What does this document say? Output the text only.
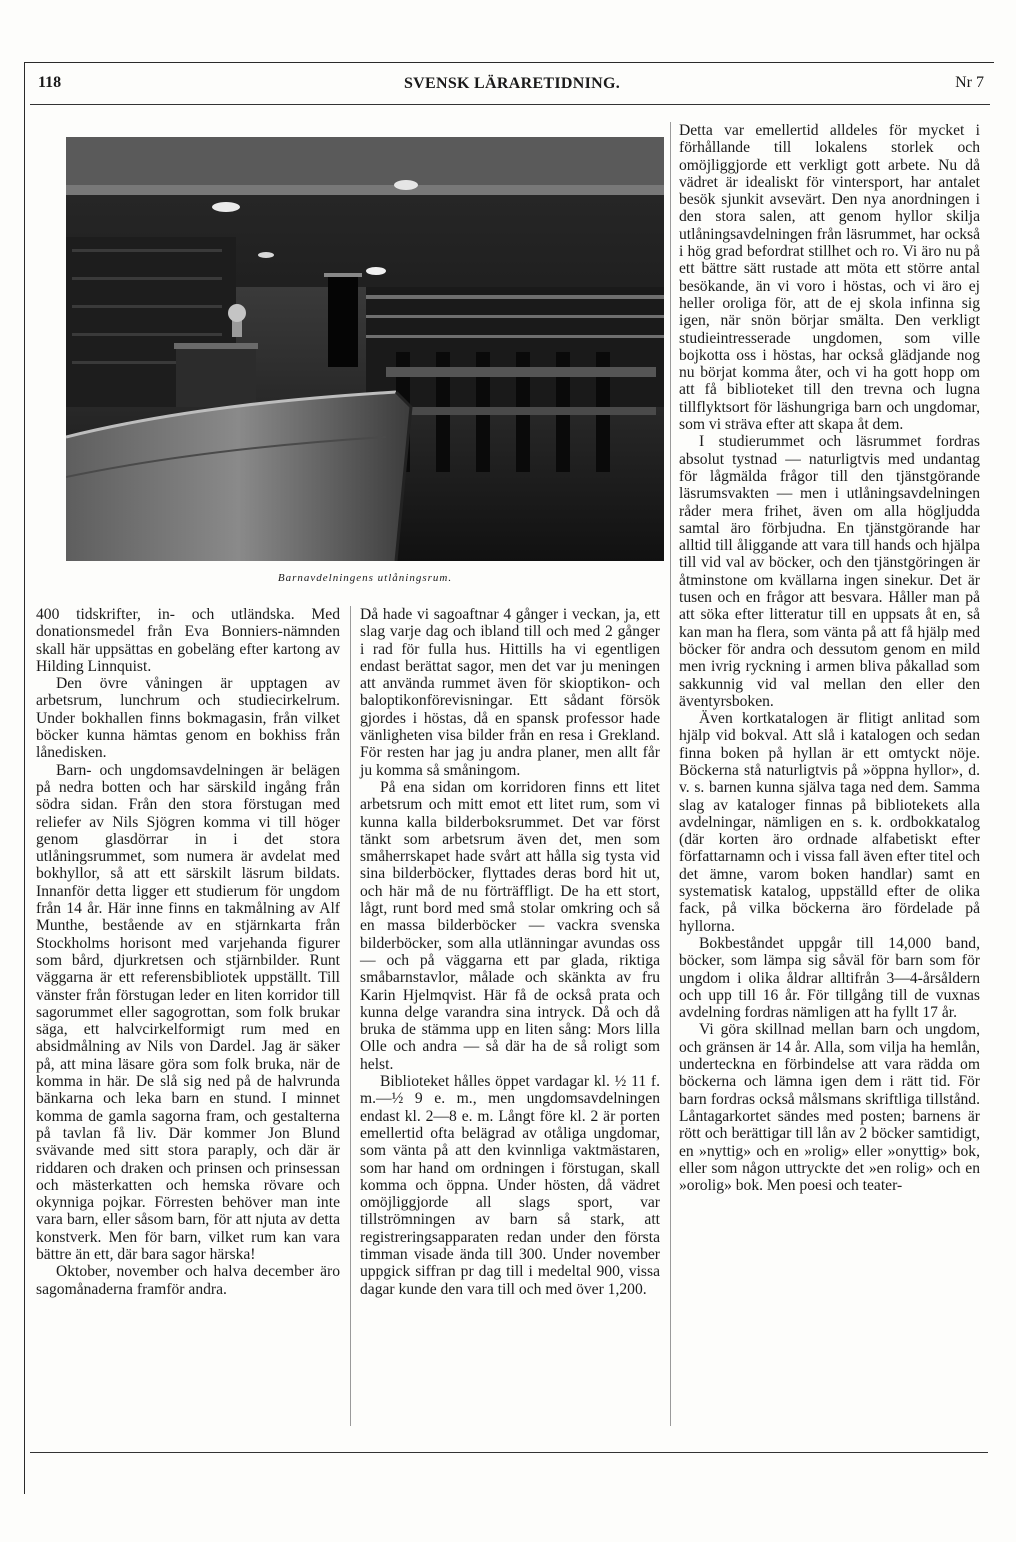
118	SVENSK LÄRARETIDNING.	Nr 7
Barnavdelningens utlåningsrum.

400 tidskrifter, in- och utländska. Med donationsmedel från Eva Bonniers-nämnden skall här uppsättas en gobeläng efter kartong av Hilding Linnquist.

Den övre våningen är upptagen av arbetsrum, lunchrum och studiecirkelrum. Under bokhallen finns bokmagasin, från vilket böcker kunna hämtas genom en bokhiss från lånedisken.

Barn- och ungdomsavdelningen är belägen på nedra botten och har särskild ingång från södra sidan. Från den stora förstugan med reliefer av Nils Sjögren komma vi till höger genom glasdörrar in i det stora utlåningsrummet, som numera är avdelat med bokhyllor, så att ett särskilt läsrum bildats. Innanför detta ligger ett studierum för ungdom från 14 år. Här inne finns en takmålning av Alf Munthe, bestående av en stjärnkarta från Stockholms horisont med varjehanda figurer som bård, djurkretsen och stjärnbilder. Runt väggarna är ett referensbibliotek uppställt. Till vänster från förstugan leder en liten korridor till sagorummet eller sagogrottan, som folk brukar säga, ett halvcirkelformigt rum med en absidmålning av Nils von Dardel. Jag är säker på, att mina läsare göra som folk bruka, när de komma in här. De slå sig ned på de halvrunda bänkarna och leka barn en stund. I minnet komma de gamla sagorna fram, och gestalterna på tavlan få liv. Där kommer Jon Blund svävande med sitt stora paraply, och där är riddaren och draken och prinsen och prinsessan och mästerkatten och hemska rövare och okynniga pojkar. Förresten behöver man inte vara barn, eller såsom barn, för att njuta av detta konstverk. Men för barn, vilket rum kan vara bättre än ett, där bara sagor härska!

Oktober, november och halva december äro sagomånaderna framför andra.

Då hade vi sagoaftnar 4 gånger i veckan, ja, ett slag varje dag och ibland till och med 2 gånger i rad för fulla hus. Hittills ha vi egentligen endast berättat sagor, men det var ju meningen att använda rummet även för skioptikon- och baloptikonförevisningar. Ett sådant försök gjordes i höstas, då en spansk professor hade vänligheten visa bilder från en resa i Grekland. För resten har jag ju andra planer, men allt får ju komma så småningom.

På ena sidan om korridoren finns ett litet arbetsrum och mitt emot ett litet rum, som vi kunna kalla bilderboksrummet. Det var först tänkt som arbetsrum även det, men som småherrskapet hade svårt att hålla sig tysta vid sina bilderböcker, flyttades deras bord hit ut, och här må de nu förträffligt. De ha ett stort, lågt, runt bord med små stolar omkring och så en massa bilderböcker — vackra svenska bilderböcker, som alla utlänningar avundas oss — och på väggarna ett par glada, riktiga småbarnstavlor, målade och skänkta av fru Karin Hjelmqvist. Här få de också prata och kunna delge varandra sina intryck. Då och då bruka de stämma upp en liten sång: Mors lilla Olle och andra — så där ha de så roligt som helst.

Biblioteket hålles öppet vardagar kl. ½ 11 f. m.—½ 9 e. m., men ungdomsavdelningen endast kl. 2—8 e. m. Långt före kl. 2 är porten emellertid ofta belägrad av otåliga ungdomar, som vänta på att den kvinnliga vaktmästaren, som har hand om ordningen i förstugan, skall komma och öppna. Under hösten, då vädret omöjliggjorde all slags sport, var tillströmningen av barn så stark, att registreringsapparaten redan under den första timman visade ända till 300. Under november uppgick siffran pr dag till i medeltal 900, vissa dagar kunde den vara till och med över 1,200.

Detta var emellertid alldeles för mycket i förhållande till lokalens storlek och omöjliggjorde ett verkligt gott arbete. Nu då vädret är idealiskt för vintersport, har antalet besök sjunkit avsevärt. Den nya anordningen i den stora salen, att genom hyllor skilja utlåningsavdelningen från läsrummet, har också i hög grad befordrat stillhet och ro. Vi äro nu på ett bättre sätt rustade att möta ett större antal besökande, än vi voro i höstas, och vi äro ej heller oroliga för, att de ej skola infinna sig igen, när snön börjar smälta. Den verkligt studieintresserade ungdomen, som ville bojkotta oss i höstas, har också glädjande nog nu börjat komma åter, och vi ha gott hopp om att få biblioteket till den trevna och lugna tillflyktsort för läshungriga barn och ungdomar, som vi sträva efter att skapa åt dem.

I studierummet och läsrummet fordras absolut tystnad — naturligtvis med undantag för lågmälda frågor till den tjänstgörande läsrumsvakten — men i utlåningsavdelningen råder mera frihet, även om alla högljudda samtal äro förbjudna. En tjänstgörande har alltid till åliggande att vara till hands och hjälpa till vid val av böcker, och den tjänstgöringen är åtminstone om kvällarna ingen sinekur. Det är tusen och en frågor att besvara. Håller man på att söka efter litteratur till en uppsats åt en, så kan man ha flera, som vänta på att få hjälp med böcker för andra och dessutom genom en mild men ivrig ryckning i armen bliva påkallad som sakkunnig vid val mellan den eller den äventyrsboken.

Även kortkatalogen är flitigt anlitad som hjälp vid bokval. Att slå i katalogen och sedan finna boken på hyllan är ett omtyckt nöje. Böckerna stå naturligtvis på »öppna hyllor», d. v. s. barnen kunna själva taga ned dem. Samma slag av kataloger finnas på bibliotekets alla avdelningar, nämligen en s. k. ordbokkatalog (där korten äro ordnade alfabetiskt efter författarnamn och i vissa fall även efter titel och det ämne, varom boken handlar) samt en systematisk katalog, uppställd efter de olika fack, på vilka böckerna äro fördelade på hyllorna.

Bokbeståndet uppgår till 14,000 band, böcker, som lämpa sig såväl för barn som för ungdom i olika åldrar alltifrån 3—4-årsåldern och upp till 16 år. För tillgång till de vuxnas avdelning fordras nämligen att ha fyllt 17 år.

Vi göra skillnad mellan barn och ungdom, och gränsen är 14 år. Alla, som vilja ha hemlån, underteckna en förbindelse att vara rädda om böckerna och lämna igen dem i rätt tid. För barn fordras också målsmans skriftliga tillstånd. Låntagarkortet sändes med posten; barnens är rött och berättigar till lån av 2 böcker samtidigt, en »nyttig» och en »rolig» eller »onyttig» bok, eller som någon uttryckte det »en rolig» och en »orolig» bok. Men poesi och teater-
